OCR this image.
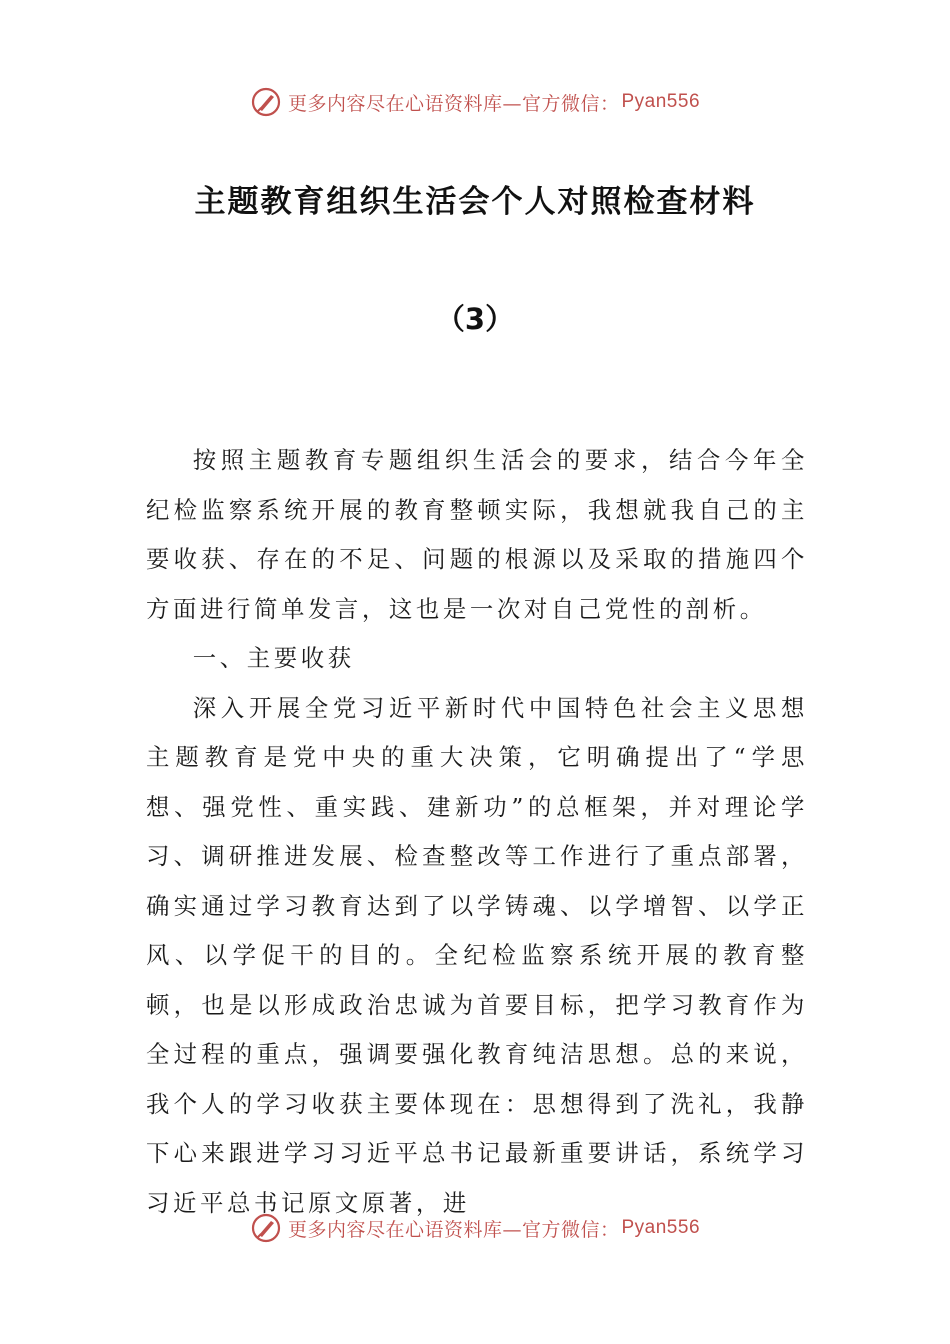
更多内容尽在心语资料库—官方微信： Pyan556
主题教育组织生活会个人对照检查材料
（3）

按照主题教育专题组织生活会的要求，结合今年全纪检监察系统开展的教育整顿实际，我想就我自己的主要收获、存在的不足、问题的根源以及采取的措施四个方面进行简单发言，这也是一次对自己党性的剖析。

一、主要收获

深入开展全党习近平新时代中国特色社会主义思想主题教育是党中央的重大决策，它明确提出了“学思想、强党性、重实践、建新功”的总框架，并对理论学习、调研推进发展、检查整改等工作进行了重点部署，确实通过学习教育达到了以学铸魂、以学增智、以学正风、以学促干的目的。全纪检监察系统开展的教育整顿，也是以形成政治忠诚为首要目标，把学习教育作为全过程的重点，强调要强化教育纯洁思想。总的来说，我个人的学习收获主要体现在：思想得到了洗礼，我静下心来跟进学习习近平总书记最新重要讲话，系统学习习近平总书记原文原著，进

更多内容尽在心语资料库—官方微信： Pyan556
